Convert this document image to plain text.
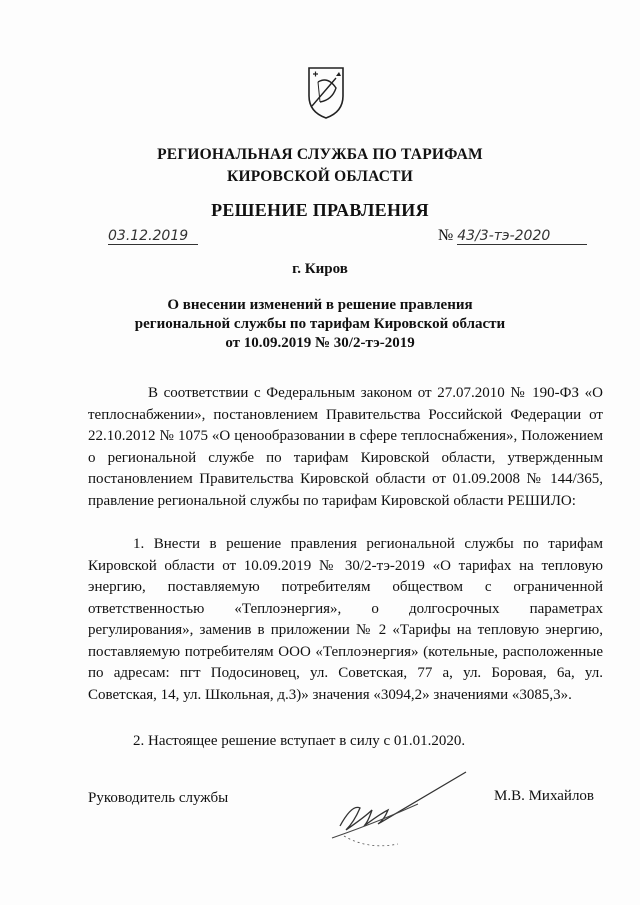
РЕГИОНАЛЬНАЯ СЛУЖБА ПО ТАРИФАМ
КИРОВСКОЙ ОБЛАСТИ
РЕШЕНИЕ ПРАВЛЕНИЯ
03.12.2019	№ 43/3-тэ-2020
г. Киров
О внесении изменений в решение правления
региональной службы по тарифам Кировской области
от 10.09.2019 № 30/2-тэ-2019
В соответствии с Федеральным законом от 27.07.2010 № 190-ФЗ «О теплоснабжении», постановлением Правительства Российской Федерации от 22.10.2012 № 1075 «О ценообразовании в сфере теплоснабжения», Положением о региональной службе по тарифам Кировской области, утвержденным постановлением Правительства Кировской области от 01.09.2008 № 144/365, правление региональной службы по тарифам Кировской области РЕШИЛО:
1. Внести в решение правления региональной службы по тарифам Кировской области от 10.09.2019 № 30/2-тэ-2019 «О тарифах на тепловую энергию, поставляемую потребителям обществом с ограниченной ответственностью «Теплоэнергия», о долгосрочных параметрах регулирования», заменив в приложении № 2 «Тарифы на тепловую энергию, поставляемую потребителям ООО «Теплоэнергия» (котельные, расположенные по адресам: пгт Подосиновец, ул. Советская, 77 а, ул. Боровая, 6а, ул. Советская, 14, ул. Школьная, д.3)» значения «3094,2» значениями «3085,3».
2. Настоящее решение вступает в силу с 01.01.2020.
Руководитель службы	М.В. Михайлов
